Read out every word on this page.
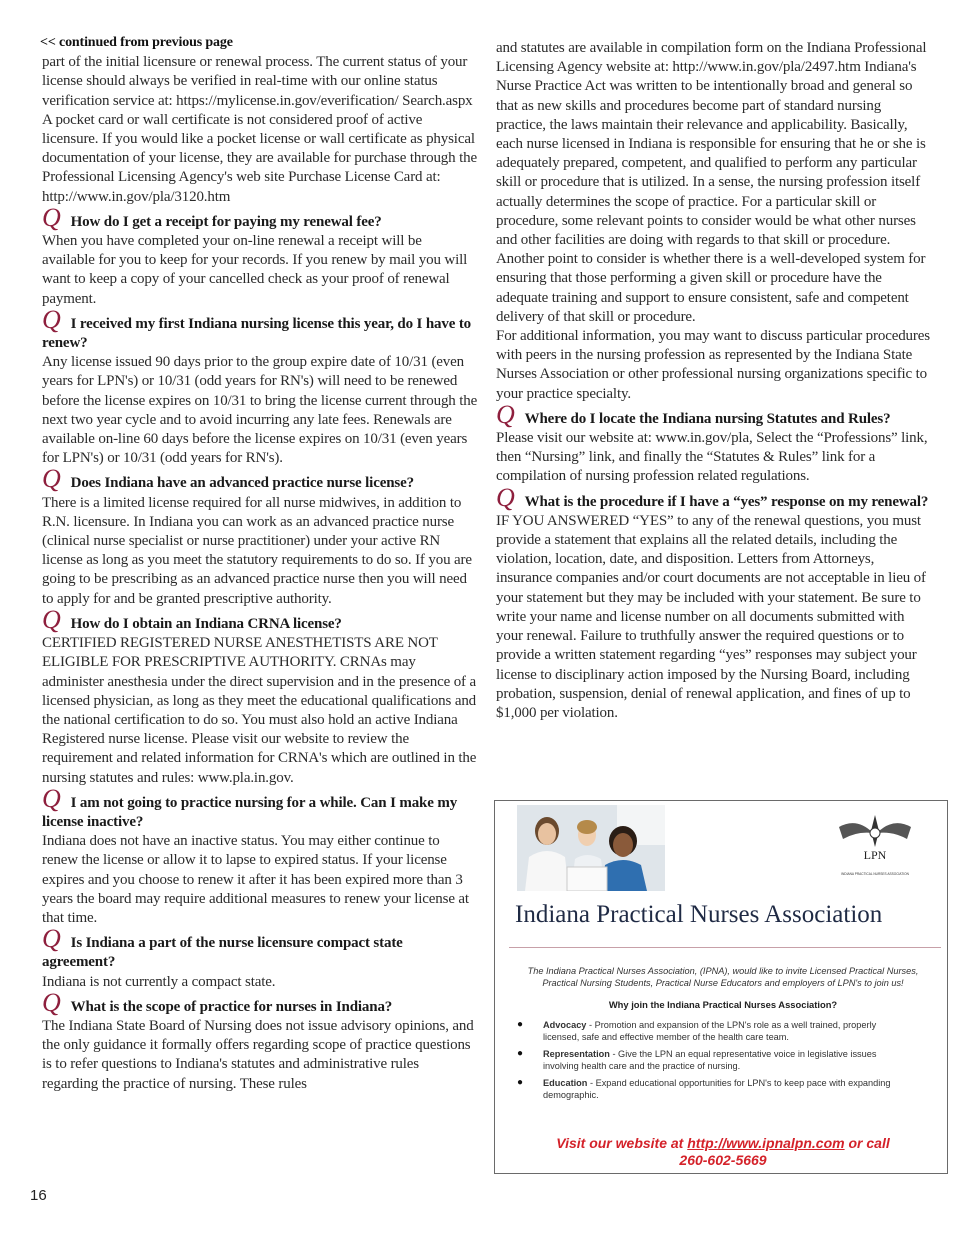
<< continued from previous page

part of the initial licensure or renewal process. The current status of your license should always be verified in real-time with our online status verification service at: https://mylicense.in.gov/everification/ Search.aspx

A pocket card or wall certificate is not considered proof of active licensure. If you would like a pocket license or wall certificate as physical documentation of your license, they are available for purchase through the Professional Licensing Agency's web site Purchase License Card at: http://www.in.gov/pla/3120.htm

Q How do I get a receipt for paying my renewal fee?

When you have completed your on-line renewal a receipt will be available for you to keep for your records. If you renew by mail you will want to keep a copy of your cancelled check as your proof of renewal payment.

Q I received my first Indiana nursing license this year, do I have to renew?

Any license issued 90 days prior to the group expire date of 10/31 (even years for LPN's) or 10/31 (odd years for RN's) will need to be renewed before the license expires on 10/31 to bring the license current through the next two year cycle and to avoid incurring any late fees. Renewals are available on-line 60 days before the license expires on 10/31 (even years for LPN's) or 10/31 (odd years for RN's).

Q Does Indiana have an advanced practice nurse license?

There is a limited license required for all nurse midwives, in addition to R.N. licensure. In Indiana you can work as an advanced practice nurse (clinical nurse specialist or nurse practitioner) under your active RN license as long as you meet the statutory requirements to do so. If you are going to be prescribing as an advanced practice nurse then you will need to apply for and be granted prescriptive authority.

Q How do I obtain an Indiana CRNA license?

CERTIFIED REGISTERED NURSE ANESTHETISTS ARE NOT ELIGIBLE FOR PRESCRIPTIVE AUTHORITY. CRNAs may administer anesthesia under the direct supervision and in the presence of a licensed physician, as long as they meet the educational qualifications and the national certification to do so. You must also hold an active Indiana Registered nurse license. Please visit our website to review the requirement and related information for CRNA's which are outlined in the nursing statutes and rules: www.pla.in.gov.

Q I am not going to practice nursing for a while. Can I make my license inactive?

Indiana does not have an inactive status. You may either continue to renew the license or allow it to lapse to expired status. If your license expires and you choose to renew it after it has been expired more than 3 years the board may require additional measures to renew your license at that time.

Q Is Indiana a part of the nurse licensure compact state agreement?

Indiana is not currently a compact state.

Q What is the scope of practice for nurses in Indiana?

The Indiana State Board of Nursing does not issue advisory opinions, and the only guidance it formally offers regarding scope of practice questions is to refer questions to Indiana's statutes and administrative rules regarding the practice of nursing. These rules

and statutes are available in compilation form on the Indiana Professional Licensing Agency website at: http://www.in.gov/pla/2497.htm Indiana's Nurse Practice Act was written to be intentionally broad and general so that as new skills and procedures become part of standard nursing practice, the laws maintain their relevance and applicability. Basically, each nurse licensed in Indiana is responsible for ensuring that he or she is adequately prepared, competent, and qualified to perform any particular skill or procedure that is utilized. In a sense, the nursing profession itself actually determines the scope of practice. For a particular skill or procedure, some relevant points to consider would be what other nurses and other facilities are doing with regards to that skill or procedure. Another point to consider is whether there is a well-developed system for ensuring that those performing a given skill or procedure have the adequate training and support to ensure consistent, safe and competent delivery of that skill or procedure.

For additional information, you may want to discuss particular procedures with peers in the nursing profession as represented by the Indiana State Nurses Association or other professional nursing organizations specific to your practice specialty.

Q Where do I locate the Indiana nursing Statutes and Rules?

Please visit our website at: www.in.gov/pla, Select the “Professions” link, then “Nursing” link, and finally the “Statutes & Rules” link for a compilation of nursing profession related regulations.

Q What is the procedure if I have a “yes” response on my renewal?

IF YOU ANSWERED “YES” to any of the renewal questions, you must provide a statement that explains all the related details, including the violation, location, date, and disposition. Letters from Attorneys, insurance companies and/or court documents are not acceptable in lieu of your statement but they may be included with your statement. Be sure to write your name and license number on all documents submitted with your renewal. Failure to truthfully answer the required questions or to provide a written statement regarding “yes” responses may subject your license to disciplinary action imposed by the Nursing Board, including probation, suspension, denial of renewal application, and fines of up to $1,000 per violation.

LPN
INDIANA PRACTICAL NURSES ASSOCIATION
Indiana Practical Nurses Association
The Indiana Practical Nurses Association, (IPNA), would like to invite Licensed Practical Nurses, Practical Nursing Students, Practical Nurse Educators and employers of LPN's to join us!
Why join the Indiana Practical Nurses Association?
● Advocacy - Promotion and expansion of the LPN's role as a well trained, properly licensed, safe and effective member of the health care team.
● Representation - Give the LPN an equal representative voice in legislative issues involving health care and the practice of nursing.
● Education - Expand educational opportunities for LPN's to keep pace with expanding demographic.
Visit our website at http://www.ipnalpn.com or call
260-602-5669
16
